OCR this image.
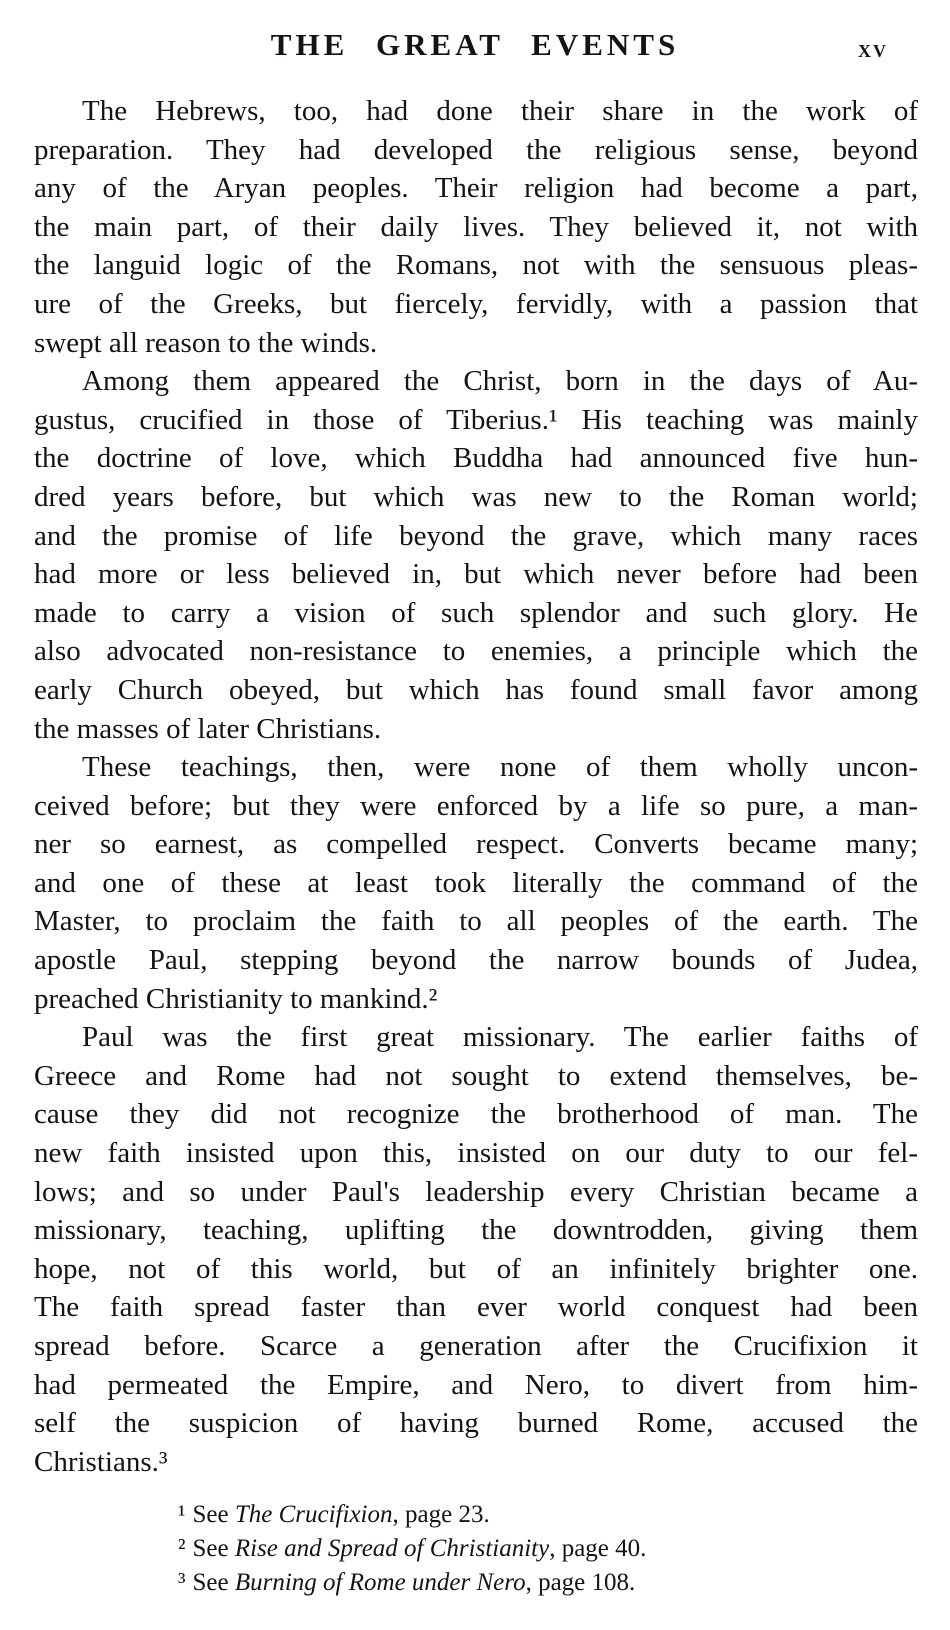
THE GREAT EVENTS	xv
The Hebrews, too, had done their share in the work of
preparation. They had developed the religious sense, beyond
any of the Aryan peoples. Their religion had become a part,
the main part, of their daily lives. They believed it, not with
the languid logic of the Romans, not with the sensuous pleas-
ure of the Greeks, but fiercely, fervidly, with a passion that
swept all reason to the winds.
Among them appeared the Christ, born in the days of Au-
gustus, crucified in those of Tiberius.¹ His teaching was mainly
the doctrine of love, which Buddha had announced five hun-
dred years before, but which was new to the Roman world;
and the promise of life beyond the grave, which many races
had more or less believed in, but which never before had been
made to carry a vision of such splendor and such glory. He
also advocated non-resistance to enemies, a principle which the
early Church obeyed, but which has found small favor among
the masses of later Christians.
These teachings, then, were none of them wholly uncon-
ceived before; but they were enforced by a life so pure, a man-
ner so earnest, as compelled respect. Converts became many;
and one of these at least took literally the command of the
Master, to proclaim the faith to all peoples of the earth. The
apostle Paul, stepping beyond the narrow bounds of Judea,
preached Christianity to mankind.²
Paul was the first great missionary. The earlier faiths of
Greece and Rome had not sought to extend themselves, be-
cause they did not recognize the brotherhood of man. The
new faith insisted upon this, insisted on our duty to our fel-
lows; and so under Paul's leadership every Christian became a
missionary, teaching, uplifting the downtrodden, giving them
hope, not of this world, but of an infinitely brighter one.
The faith spread faster than ever world conquest had been
spread before. Scarce a generation after the Crucifixion it
had permeated the Empire, and Nero, to divert from him-
self the suspicion of having burned Rome, accused the
Christians.³
¹ See The Crucifixion, page 23.
² See Rise and Spread of Christianity, page 40.
³ See Burning of Rome under Nero, page 108.
